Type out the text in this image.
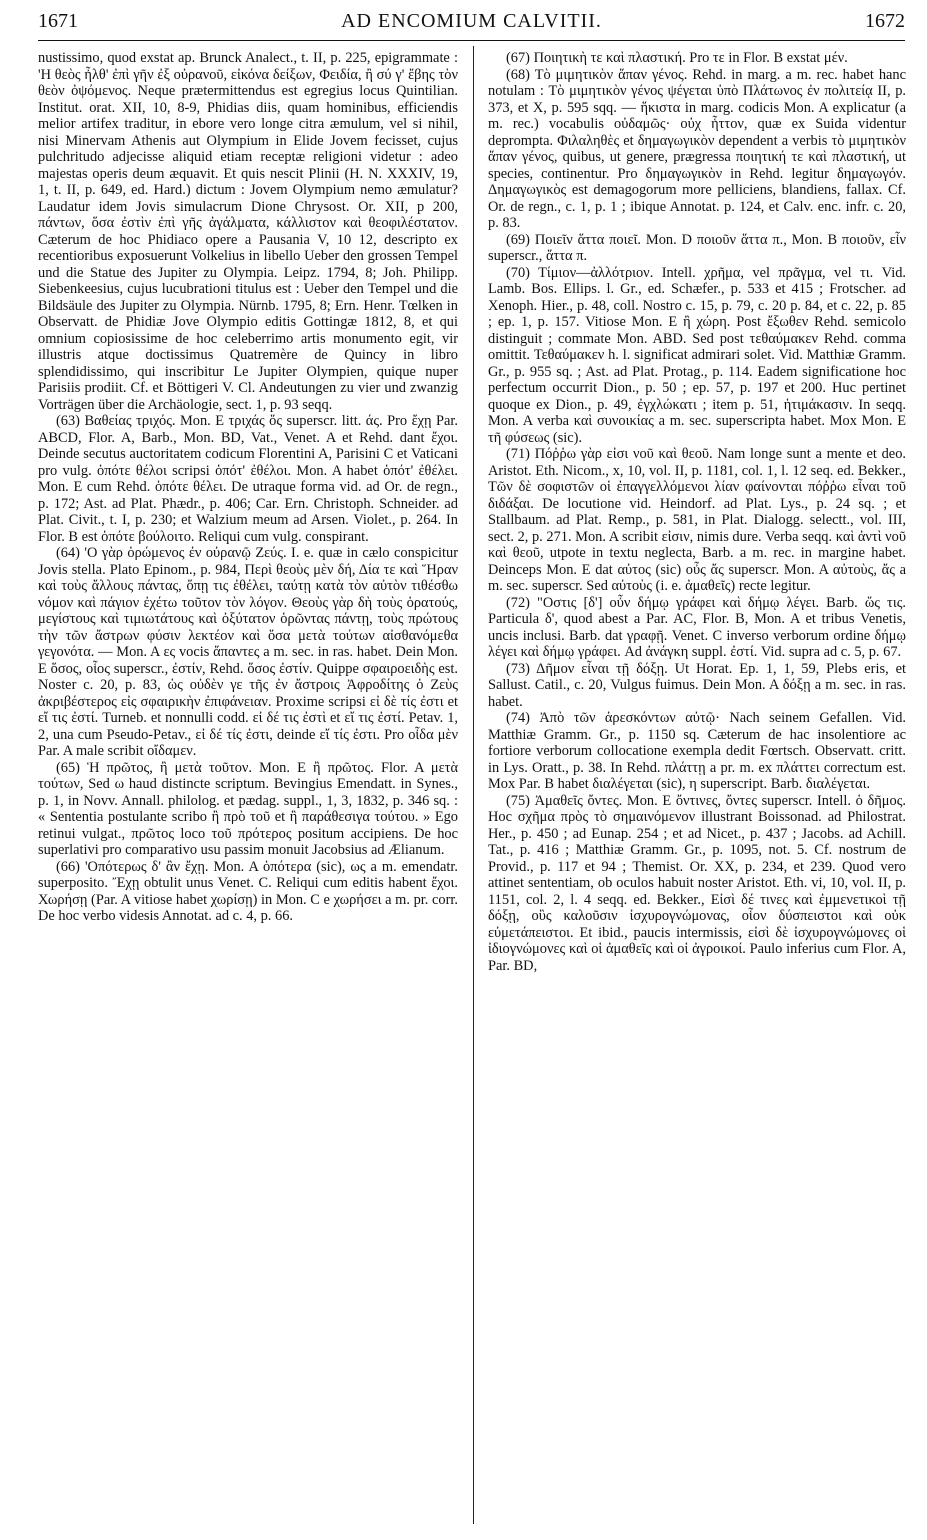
1671	AD ENCOMIUM CALVITII.	1672

nustissimo, quod exstat ap. Brunck Analect., t. II, p. 225, epigrammate : 'Η θεὸς ἦλθ' ἐπὶ γῆν ἐξ οὐρανοῦ, εἰκόνα δείξων, Φειδία, ἢ σύ γ' ἔβης τὸν θεὸν ὀψόμενος. Neque prætermittendus est egregius locus Quintilian. Institut. orat. XII, 10, 8-9, Phidias diis, quam hominibus, efficiendis melior artifex traditur, in ebore vero longe citra æmulum, vel si nihil, nisi Minervam Athenis aut Olympium in Elide Jovem fecisset, cujus pulchritudo adjecisse aliquid etiam receptæ religioni videtur : adeo majestas operis deum æquavit. Et quis nescit Plinii (H. N. XXXIV, 19, 1, t. II, p. 649, ed. Hard.) dictum : Jovem Olympium nemo æmulatur? Laudatur idem Jovis simulacrum Dione Chrysost. Or. XII, p 200, πάντων, ὅσα ἐστὶν ἐπὶ γῆς ἀγάλματα, κάλλιστον καὶ θεοφιλέστατον. Cæterum de hoc Phidiaco opere a Pausania V, 10 12, descripto ex recentioribus exposuerunt Volkelius in libello Ueber den grossen Tempel und die Statue des Jupiter zu Olympia. Leipz. 1794, 8; Joh. Philipp. Siebenkeesius, cujus lucubrationi titulus est : Ueber den Tempel und die Bildsäule des Jupiter zu Olympia. Nürnb. 1795, 8; Ern. Henr. Tœlken in Observatt. de Phidiæ Jove Olympio editis Gottingæ 1812, 8, et qui omnium copiosissime de hoc celeberrimo artis monumento egit, vir illustris atque doctissimus Quatremère de Quincy in libro splendidissimo, qui inscribitur Le Jupiter Olympien, quique nuper Parisiis prodiit. Cf. et Böttigeri V. Cl. Andeutungen zu vier und zwanzig Vorträgen über die Archäologie, sect. 1, p. 93 seqq.

(63) Βαθείας τριχός. Mon. E τριχάς ὅς superscr. litt. άς. Pro ἔχῃ Par. ABCD, Flor. A, Barb., Mon. BD, Vat., Venet. A et Rehd. dant ἔχοι. Deinde secutus auctoritatem codicum Florentini A, Parisini C et Vaticani pro vulg. ὁπότε θέλοι scripsi ὁπότ' ἐθέλοι. Mon. A habet ὁπότ' ἐθέλει. Mon. E cum Rehd. ὁπότε θέλει. De utraque forma vid. ad Or. de regn., p. 172; Ast. ad Plat. Phædr., p. 406; Car. Ern. Christoph. Schneider. ad Plat. Civit., t. I, p. 230; et Walzium meum ad Arsen. Violet., p. 264. In Flor. B est ὁπότε βούλοιτο. Reliqui cum vulg. conspirant.

(64) 'Ο γὰρ ὁρώμενος ἐν οὐρανῷ Ζεύς. I. e. quæ in cælo conspicitur Jovis stella. Plato Epinom., p. 984, Περὶ θεοὺς μὲν δή, Δία τε καὶ Ἥραν καὶ τοὺς ἄλλους πάντας, ὅπῃ τις ἐθέλει, ταύτῃ κατὰ τὸν αὐτὸν τιθέσθω νόμον καὶ πάγιον ἐχέτω τοῦτον τὸν λόγον. Θεοὺς γὰρ δὴ τοὺς ὁρατούς, μεγίστους καὶ τιμιωτάτους καὶ ὀξύτατον ὁρῶντας πάντῃ, τοὺς πρώτους τὴν τῶν ἄστρων φύσιν λεκτέον καὶ ὅσα μετὰ τούτων αἰσθανόμεθα γεγονότα. — Mon. A ες vocis ἅπαντες a m. sec. in ras. habet. Dein Mon. E ὅσος, οἷος superscr., ἐστίν, Rehd. ὅσος ἐστίν. Quippe σφαιροειδὴς est. Noster c. 20, p. 83, ὡς οὐδὲν γε τῆς ἐν ἄστροις Ἀφροδίτης ὁ Ζεὺς ἀκριβέστερος εἰς σφαιρικὴν ἐπιφάνειαν. Proxime scripsi εἰ δὲ τίς ἐστι et εἴ τις ἐστί. Turneb. et nonnulli codd. εἰ δέ τις ἐστὶ et εἴ τις ἐστί. Petav. 1, 2, una cum Pseudo-Petav., εἰ δέ τίς ἐστι, deinde εἴ τίς ἐστι. Pro οἶδα μὲν Par. A male scribit οἴδαμεν.

(65) Ἡ πρῶτος, ἢ μετὰ τοῦτον. Mon. E ἢ πρῶτος. Flor. A μετὰ τούτων, Sed ω haud distincte scriptum. Bevingius Emendatt. in Synes., p. 1, in Novv. Annall. philolog. et pædag. suppl., 1, 3, 1832, p. 346 sq. : « Sententia postulante scribo ἢ πρὸ τοῦ et ἢ παράθεσιγα τούτου. » Ego retinui vulgat., πρῶτος loco τοῦ πρότερος positum accipiens. De hoc superlativi pro comparativo usu passim monuit Jacobsius ad Ælianum.

(66) 'Οπότερως δ' ἂν ἔχῃ. Mon. A ὁπότερα (sic), ως a m. emendatr. superposito. Ἔχῃ obtulit unus Venet. C. Reliqui cum editis habent ἔχοι. Χωρήσῃ (Par. A vitiose habet χωρίσῃ) in Mon. C e χωρήσει a m. pr. corr. De hoc verbo videsis Annotat. ad c. 4, p. 66.

(67) Ποιητικὴ τε καὶ πλαστική. Pro τε in Flor. B exstat μέν.

(68) Τὸ μιμητικὸν ἅπαν γένος. Rehd. in marg. a m. rec. habet hanc notulam : Τὸ μιμητικὸν γένος ψέγεται ὑπὸ Πλάτωνος ἐν πολιτείᾳ II, p. 373, et X, p. 595 sqq. — ἥκιστα in marg. codicis Mon. A explicatur (a m. rec.) vocabulis οὐδαμῶς· οὐχ ἧττον, quæ ex Suida videntur deprompta. Φιλαληθὲς et δημαγωγικὸν dependent a verbis τὸ μιμητικὸν ἅπαν γένος, quibus, ut genere, prægressa ποιητική τε καὶ πλαστική, ut species, continentur. Pro δημαγωγικὸν in Rehd. legitur δημαγωγόν. Δημαγωγικὸς est demagogorum more pelliciens, blandiens, fallax. Cf. Or. de regn., c. 1, p. 1 ; ibique Annotat. p. 124, et Calv. enc. infr. c. 20, p. 83.

(69) Ποιεῖν ἅττα ποιεῖ. Mon. D ποιοῦν ἅττα π., Mon. B ποιοῦν, εἶν superscr., ἅττα π.

(70) Τίμιον—ἀλλότριον. Intell. χρῆμα, vel πρᾶγμα, vel τι. Vid. Lamb. Bos. Ellips. l. Gr., ed. Schæfer., p. 533 et 415 ; Frotscher. ad Xenoph. Hier., p. 48, coll. Nostro c. 15, p. 79, c. 20 p. 84, et c. 22, p. 85 ; ep. 1, p. 157. Vitiose Mon. E ἢ χώρη. Post ἔξωθεν Rehd. semicolo distinguit ; commate Mon. ABD. Sed post τεθαύμακεν Rehd. comma omittit. Τεθαύμακεν h. l. significat admirari solet. Vid. Matthiæ Gramm. Gr., p. 955 sq. ; Ast. ad Plat. Protag., p. 114. Eadem significatione hoc perfectum occurrit Dion., p. 50 ; ep. 57, p. 197 et 200. Huc pertinet quoque ex Dion., p. 49, ἐγχλώκατι ; item p. 51, ἡτιμάκασιν. In seqq. Mon. A verba καὶ συνοικίας a m. sec. superscripta habet. Mox Mon. E τῆ φύσεως (sic).

(71) Πόῤῥω γὰρ εἰσι νοῦ καὶ θεοῦ. Nam longe sunt a mente et deo. Aristot. Eth. Nicom., x, 10, vol. II, p. 1181, col. 1, l. 12 seq. ed. Bekker., Τῶν δὲ σοφιστῶν οἱ ἐπαγγελλόμενοι λίαν φαίνονται πόῤῥω εἶναι τοῦ διδάξαι. De locutione vid. Heindorf. ad Plat. Lys., p. 24 sq. ; et Stallbaum. ad Plat. Remp., p. 581, in Plat. Dialogg. selectt., vol. III, sect. 2, p. 271. Mon. A scribit εἰσιν, nimis dure. Verba seqq. καὶ ἀντὶ νοῦ καὶ θεοῦ, utpote in textu neglecta, Barb. a m. rec. in margine habet. Deinceps Mon. E dat αὐτος (sic) οὖς ἄς superscr. Mon. A αὐτοὺς, ἄς a m. sec. superscr. Sed αὐτοὺς (i. e. ἀμαθεῖς) recte legitur.

(72) "Οστις [δ'] οὖν δήμῳ γράφει καὶ δήμῳ λέγει. Barb. ὥς τις. Particula δ', quod abest a Par. AC, Flor. B, Mon. A et tribus Venetis, uncis inclusi. Barb. dat γραφῇ. Venet. C inverso verborum ordine δήμῳ λέγει καὶ δήμῳ γράφει. Ad ἀνάγκη suppl. ἐστί. Vid. supra ad c. 5, p. 67.

(73) Δῆμον εἶναι τῇ δόξῃ. Ut Horat. Ep. 1, 1, 59, Plebs eris, et Sallust. Catil., c. 20, Vulgus fuimus. Dein Mon. A δόξῃ a m. sec. in ras. habet.

(74) Ἀπὸ τῶν ἀρεσκόντων αὐτῷ· Nach seinem Gefallen. Vid. Matthiæ Gramm. Gr., p. 1150 sq. Cæterum de hac insolentiore ac fortiore verborum collocatione exempla dedit Fœrtsch. Observatt. critt. in Lys. Oratt., p. 38. In Rehd. πλάττῃ a pr. m. ex πλάττει correctum est. Mox Par. B habet διαλέγεται (sic), η superscript. Barb. διαλέγεται.

(75) Ἀμαθεῖς ὄντες. Mon. E ὄντινες, ὄντες superscr. Intell. ὁ δῆμος. Hoc σχῆμα πρὸς τὸ σημαινόμενον illustrant Boissonad. ad Philostrat. Her., p. 450 ; ad Eunap. 254 ; et ad Nicet., p. 437 ; Jacobs. ad Achill. Tat., p. 416 ; Matthiæ Gramm. Gr., p. 1095, not. 5. Cf. nostrum de Provid., p. 117 et 94 ; Themist. Or. XX, p. 234, et 239. Quod vero attinet sententiam, ob oculos habuit noster Aristot. Eth. vi, 10, vol. II, p. 1151, col. 2, l. 4 seqq. ed. Bekker., Εἰσὶ δέ τινες καὶ ἐμμενετικοὶ τῇ δόξῃ, οὓς καλοῦσιν ἰσχυρογνώμονας, οἷον δύσπειστοι καὶ οὐκ εὐμετάπειστοι. Et ibid., paucis intermissis, εἰσὶ δὲ ἰσχυρογνώμονες οἱ ἰδιογνώμονες καὶ οἱ ἀμαθεῖς καὶ οἱ ἀγροικοί. Paulo inferius cum Flor. A, Par. BD,
